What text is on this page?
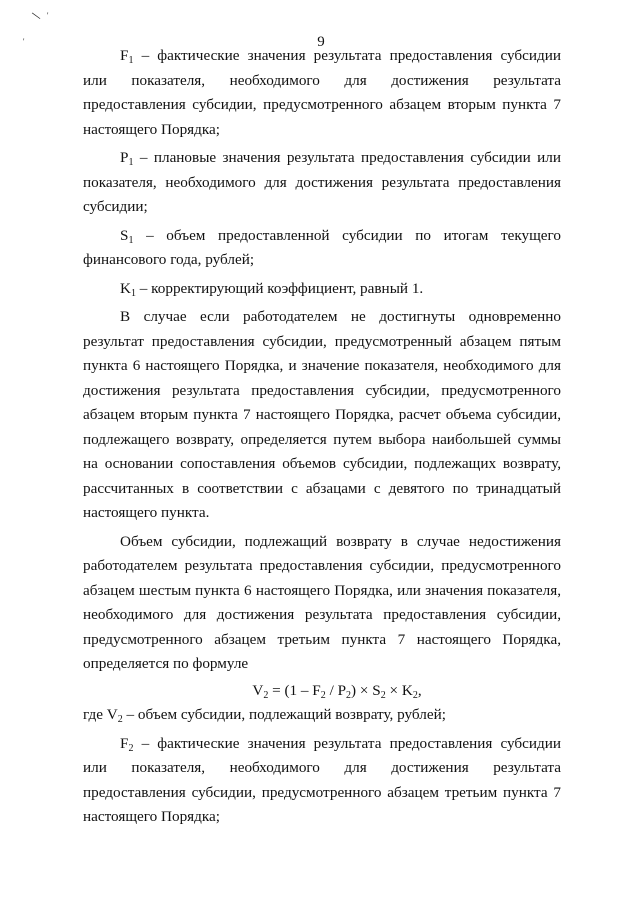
\ '
'	9

$F_1$ – фактические значения результата предоставления субсидии или показателя, необходимого для достижения результата предоставления субсидии, предусмотренного абзацем вторым пункта 7 настоящего Порядка;

$P_1$ – плановые значения результата предоставления субсидии или показателя, необходимого для достижения результата предоставления субсидии;

$S_1$ – объем предоставленной субсидии по итогам текущего финансового года, рублей;

$K_1$ – корректирующий коэффициент, равный 1.

В случае если работодателем не достигнуты одновременно результат предоставления субсидии, предусмотренный абзацем пятым пункта 6 настоящего Порядка, и значение показателя, необходимого для достижения результата предоставления субсидии, предусмотренного абзацем вторым пункта 7 настоящего Порядка, расчет объема субсидии, подлежащего возврату, определяется путем выбора наибольшей суммы на основании сопоставления объемов субсидии, подлежащих возврату, рассчитанных в соответствии с абзацами с девятого по тринадцатый настоящего пункта.

Объем субсидии, подлежащий возврату в случае недостижения работодателем результата предоставления субсидии, предусмотренного абзацем шестым пункта 6 настоящего Порядка, или значения показателя, необходимого для достижения результата предоставления субсидии, предусмотренного абзацем третьим пункта 7 настоящего Порядка, определяется по формуле

$V_2 = (1 - F_2 / P_2) \times S_2 \times K_2$,

где $V_2$ – объем субсидии, подлежащий возврату, рублей;

$F_2$ – фактические значения результата предоставления субсидии или показателя, необходимого для достижения результата предоставления субсидии, предусмотренного абзацем третьим пункта 7 настоящего Порядка;
